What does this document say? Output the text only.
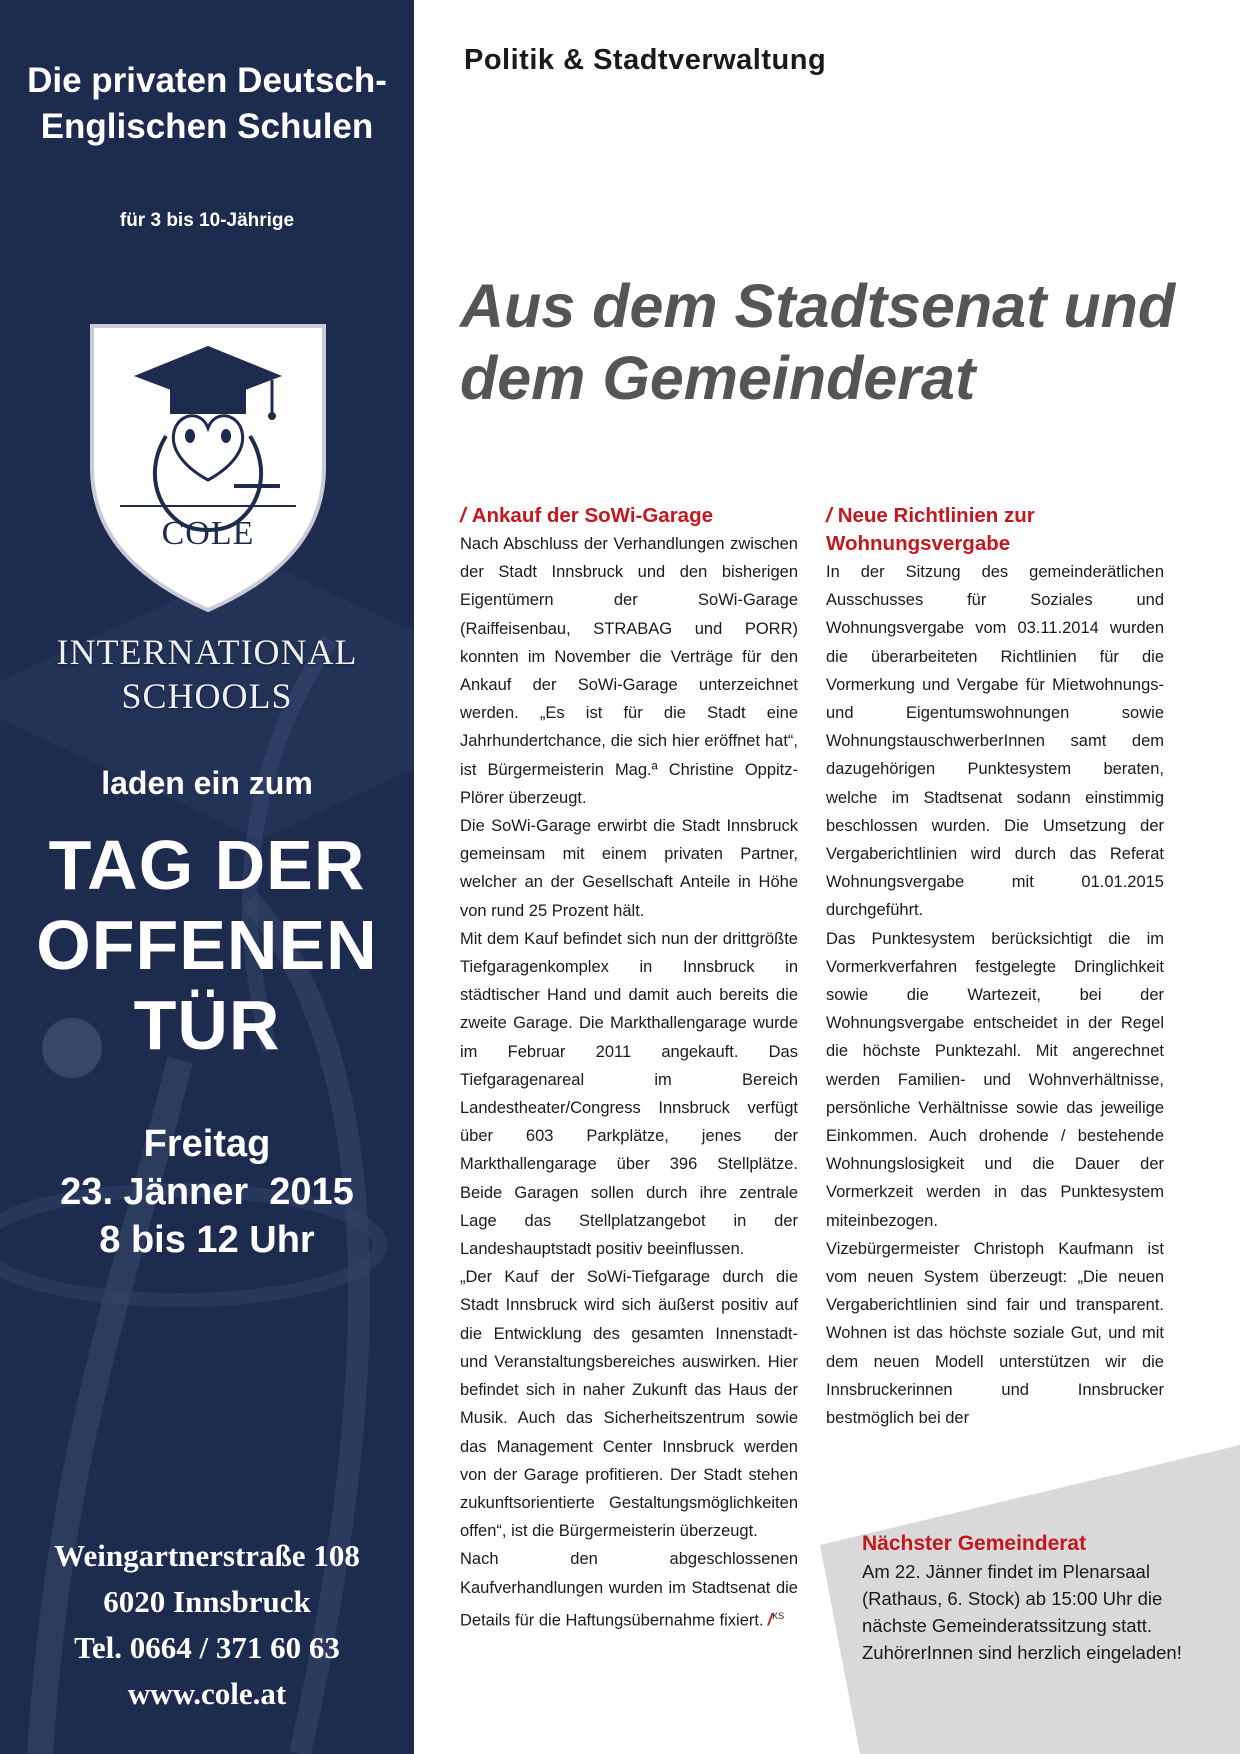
Die privaten Deutsch-Englischen Schulen
für 3 bis 10-Jährige
COLE
INTERNATIONAL SCHOOLS
laden ein zum
TAG DER OFFENEN TÜR
Freitag
23. Jänner  2015
8 bis 12 Uhr
Weingartnerstraße 108
6020 Innsbruck
Tel. 0664 / 371 60 63
www.cole.at
Politik & Stadtverwaltung
Aus dem Stadtsenat und dem Gemeinderat
/ Ankauf der SoWi-Garage

Nach Abschluss der Verhandlungen zwischen der Stadt Innsbruck und den bisherigen Eigentümern der SoWi-Garage (Raiffeisenbau, STRABAG und PORR) konnten im November die Verträge für den Ankauf der SoWi-Garage unterzeichnet werden. „Es ist für die Stadt eine Jahrhundertchance, die sich hier eröffnet hat“, ist Bürgermeisterin Mag.ª Christine Oppitz-Plörer überzeugt.

Die SoWi-Garage erwirbt die Stadt Innsbruck gemeinsam mit einem privaten Partner, welcher an der Gesellschaft Anteile in Höhe von rund 25 Prozent hält.

Mit dem Kauf befindet sich nun der drittgrößte Tiefgaragenkomplex in Innsbruck in städtischer Hand und damit auch bereits die zweite Garage. Die Markthallengarage wurde im Februar 2011 angekauft. Das Tiefgaragenareal im Bereich Landestheater/Congress Innsbruck verfügt über 603 Parkplätze, jenes der Markthallengarage über 396 Stellplätze. Beide Garagen sollen durch ihre zentrale Lage das Stellplatzangebot in der Landeshauptstadt positiv beeinflussen.

„Der Kauf der SoWi-Tiefgarage durch die Stadt Innsbruck wird sich äußerst positiv auf die Entwicklung des gesamten Innenstadt- und Veranstaltungsbereiches auswirken. Hier befindet sich in naher Zukunft das Haus der Musik. Auch das Sicherheitszentrum sowie das Management Center Innsbruck werden von der Garage profitieren. Der Stadt stehen zukunftsorientierte Gestaltungsmöglichkeiten offen“, ist die Bürgermeisterin überzeugt.

Nach den abgeschlossenen Kaufverhandlungen wurden im Stadtsenat die Details für die Haftungsübernahme fixiert. /$^{KS}$

/ Neue Richtlinien zur Wohnungsvergabe

In der Sitzung des gemeinderätlichen Ausschusses für Soziales und Wohnungsvergabe vom 03.11.2014 wurden die überarbeiteten Richtlinien für die Vormerkung und Vergabe für Mietwohnungs- und Eigentumswohnungen sowie WohnungstauschwerberInnen samt dem dazugehörigen Punktesystem beraten, welche im Stadtsenat sodann einstimmig beschlossen wurden. Die Umsetzung der Vergaberichtlinien wird durch das Referat Wohnungsvergabe mit 01.01.2015 durchgeführt.

Das Punktesystem berücksichtigt die im Vormerkverfahren festgelegte Dringlichkeit sowie die Wartezeit, bei der Wohnungsvergabe entscheidet in der Regel die höchste Punktezahl. Mit angerechnet werden Familien- und Wohnverhältnisse, persönliche Verhältnisse sowie das jeweilige Einkommen. Auch drohende / bestehende Wohnungslosigkeit und die Dauer der Vormerkzeit werden in das Punktesystem miteinbezogen.

Vizebürgermeister Christoph Kaufmann ist vom neuen System überzeugt: „Die neuen Vergaberichtlinien sind fair und transparent. Wohnen ist das höchste soziale Gut, und mit dem neuen Modell unterstützen wir die Innsbruckerinnen und Innsbrucker bestmöglich bei der

Nächster Gemeinderat

Am 22. Jänner findet im Plenarsaal (Rathaus, 6. Stock) ab 15:00 Uhr die nächste Gemeinderatssitzung statt. ZuhörerInnen sind herzlich eingeladen!
